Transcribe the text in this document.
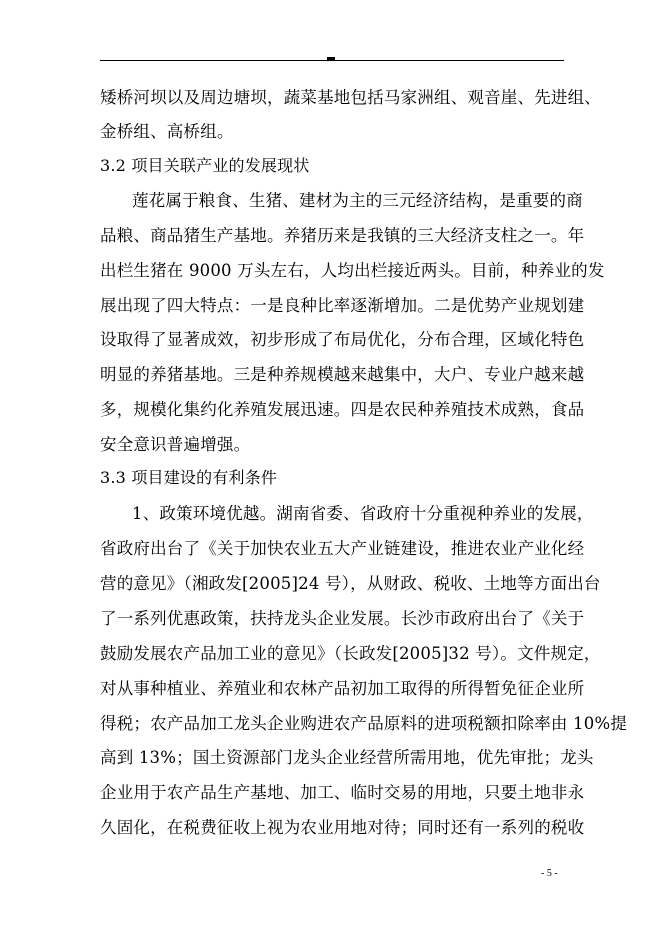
矮桥河坝以及周边塘坝，蔬菜基地包括马家洲组、观音崖、先进组、
金桥组、高桥组。
3.2 项目关联产业的发展现状
莲花属于粮食、生猪、建材为主的三元经济结构，是重要的商
品粮、商品猪生产基地。养猪历来是我镇的三大经济支柱之一。年
出栏生猪在 9000 万头左右，人均出栏接近两头。目前，种养业的发
展出现了四大特点：一是良种比率逐渐增加。二是优势产业规划建
设取得了显著成效，初步形成了布局优化，分布合理，区域化特色
明显的养猪基地。三是种养规模越来越集中，大户、专业户越来越
多，规模化集约化养殖发展迅速。四是农民种养殖技术成熟，食品
安全意识普遍增强。
3.3 项目建设的有利条件
1、政策环境优越。湖南省委、省政府十分重视种养业的发展，
省政府出台了《关于加快农业五大产业链建设，推进农业产业化经
营的意见》（湘政发[2005]24 号），从财政、税收、土地等方面出台
了一系列优惠政策，扶持龙头企业发展。长沙市政府出台了《关于
鼓励发展农产品加工业的意见》（长政发[2005]32 号）。文件规定，
对从事种植业、养殖业和农林产品初加工取得的所得暂免征企业所
得税；农产品加工龙头企业购进农产品原料的进项税额扣除率由 10%提
高到 13%；国土资源部门龙头企业经营所需用地，优先审批；龙头
企业用于农产品生产基地、加工、临时交易的用地，只要土地非永
久固化，在税费征收上视为农业用地对待；同时还有一系列的税收
- 5 -
